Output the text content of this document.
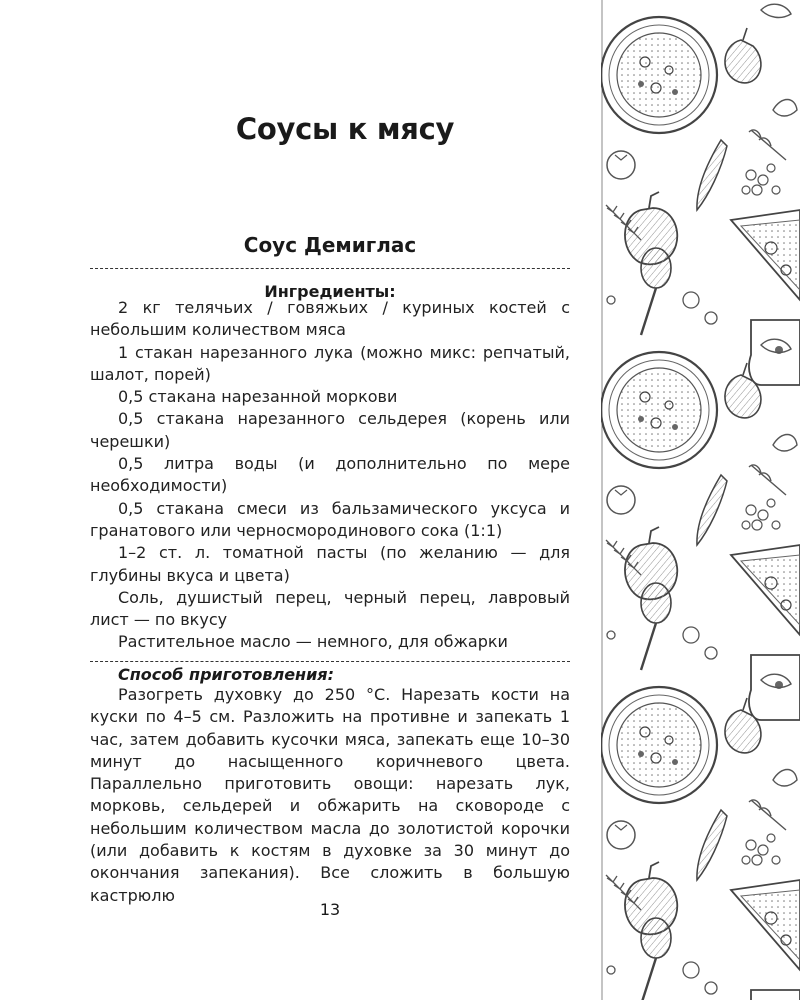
Соусы к мясу
Соус Демиглас
Ингредиенты:
2 кг телячьих / говяжьих / куриных костей с небольшим количеством мяса
1 стакан нарезанного лука (можно микс: репчатый, шалот, порей)
0,5 стакана нарезанной моркови
0,5 стакана нарезанного сельдерея (корень или черешки)
0,5 литра воды (и дополнительно по мере необходимости)
0,5 стакана смеси из бальзамического уксуса и гранатового или черносмородинового сока (1:1)
1–2 ст. л. томатной пасты (по желанию — для глубины вкуса и цвета)
Соль, душистый перец, черный перец, лавровый лист — по вкусу
Растительное масло — немного, для обжарки
Способ приготовления:

Разогреть духовку до 250 °C. Нарезать кости на куски по 4–5 см. Разложить на противне и запекать 1 час, затем добавить кусочки мяса, запекать еще 10–30 минут до насыщенного коричневого цвета. Параллельно приготовить овощи: нарезать лук, морковь, сельдерей и обжарить на сковороде с небольшим количеством масла до золотистой корочки (или добавить к костям в духовке за 30 минут до окончания запекания). Все сложить в большую кастрюлю

13
